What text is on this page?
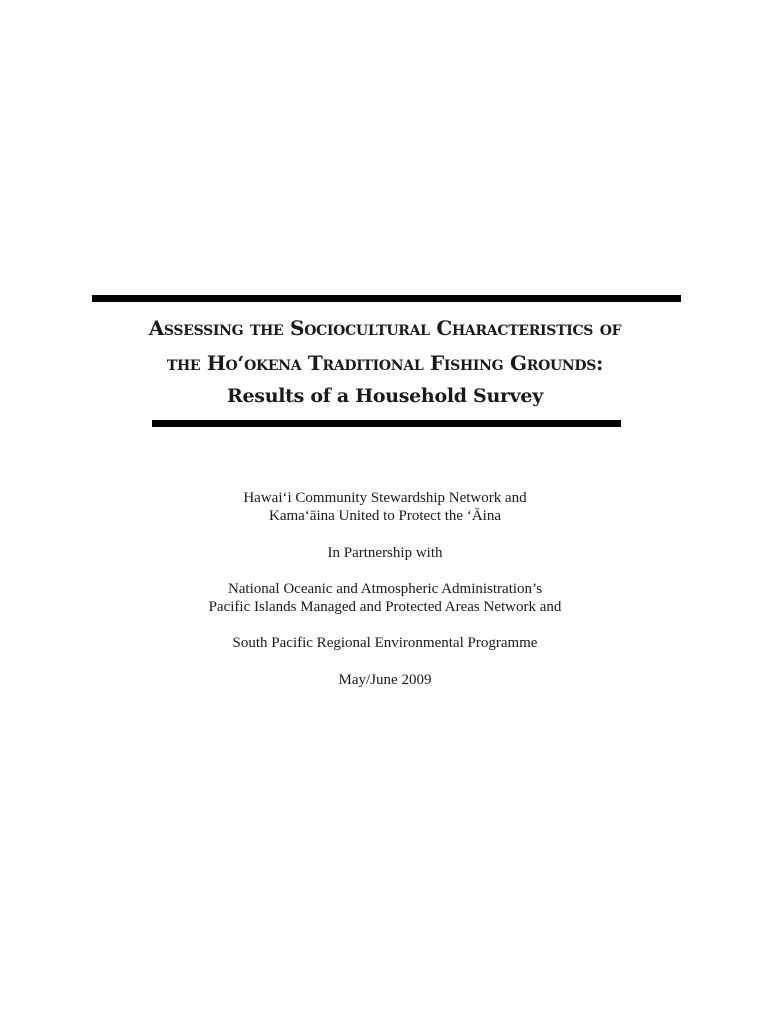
Assessing the Sociocultural Characteristics of
the Ho‘okena Traditional Fishing Grounds:
Results of a Household Survey
Hawai‘i Community Stewardship Network and
Kama‘āina United to Protect the ‘Āina
In Partnership with
National Oceanic and Atmospheric Administration’s
Pacific Islands Managed and Protected Areas Network and
South Pacific Regional Environmental Programme
May/June 2009
